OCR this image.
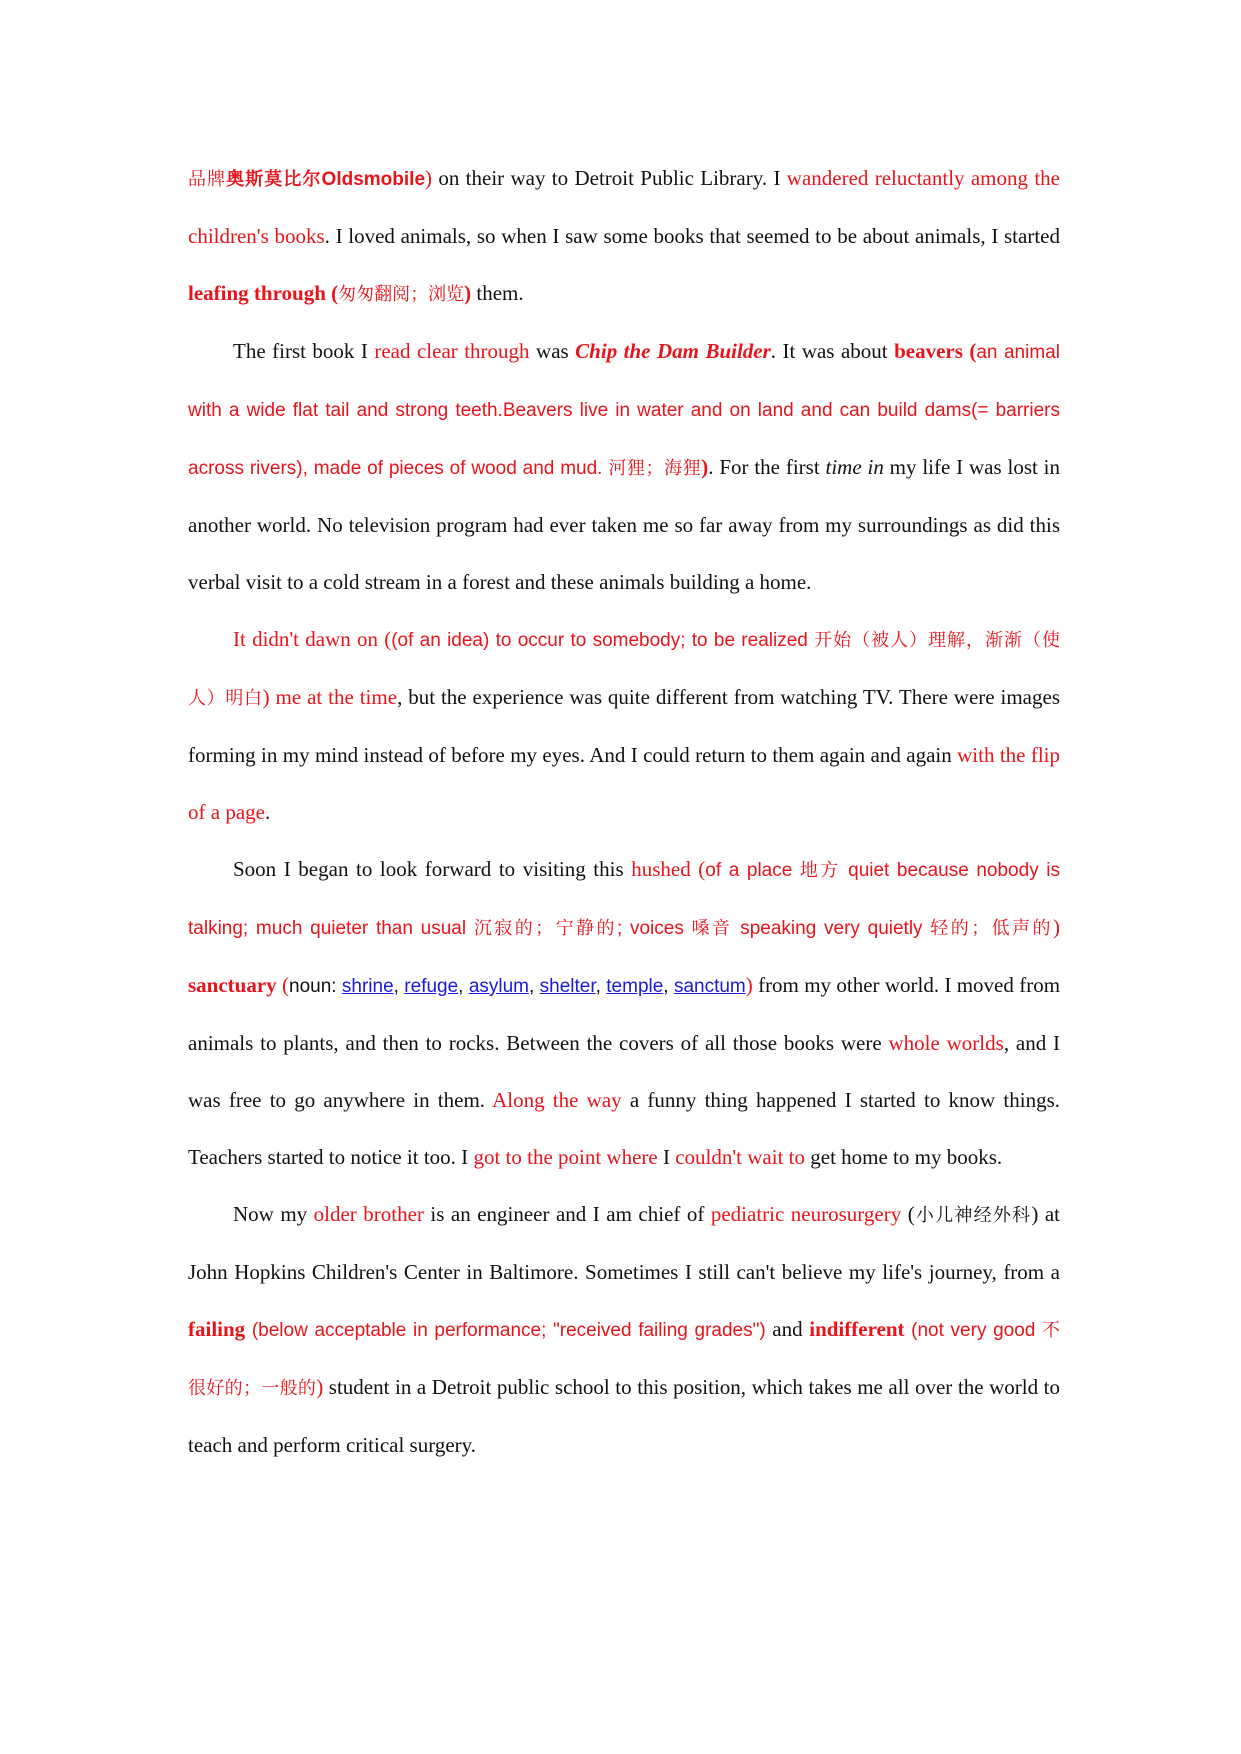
品牌奥斯莫比尔Oldsmobile) on their way to Detroit Public Library. I wandered reluctantly among the children's books. I loved animals, so when I saw some books that seemed to be about animals, I started leafing through (匆匆翻阅；浏览) them.

The first book I read clear through was Chip the Dam Builder. It was about beavers (an animal with a wide flat tail and strong teeth.Beavers live in water and on land and can build dams(= barriers across rivers), made of pieces of wood and mud. 河狸；海狸). For the first time in my life I was lost in another world. No television program had ever taken me so far away from my surroundings as did this verbal visit to a cold stream in a forest and these animals building a home.

It didn't dawn on ((of an idea) to occur to somebody; to be realized 开始（被人）理解，渐渐（使人）明白) me at the time, but the experience was quite different from watching TV. There were images forming in my mind instead of before my eyes. And I could return to them again and again with the flip of a page.

Soon I began to look forward to visiting this hushed (of a place 地方 quiet because nobody is talking; much quieter than usual 沉寂的；宁静的; voices 嗓音 speaking very quietly 轻的；低声的) sanctuary (noun: shrine, refuge, asylum, shelter, temple, sanctum) from my other world. I moved from animals to plants, and then to rocks. Between the covers of all those books were whole worlds, and I was free to go anywhere in them. Along the way a funny thing happened I started to know things. Teachers started to notice it too. I got to the point where I couldn't wait to get home to my books.

Now my older brother is an engineer and I am chief of pediatric neurosurgery (小儿神经外科) at John Hopkins Children's Center in Baltimore. Sometimes I still can't believe my life's journey, from a failing (below acceptable in performance; "received failing grades") and indifferent (not very good 不很好的；一般的) student in a Detroit public school to this position, which takes me all over the world to teach and perform critical surgery.
